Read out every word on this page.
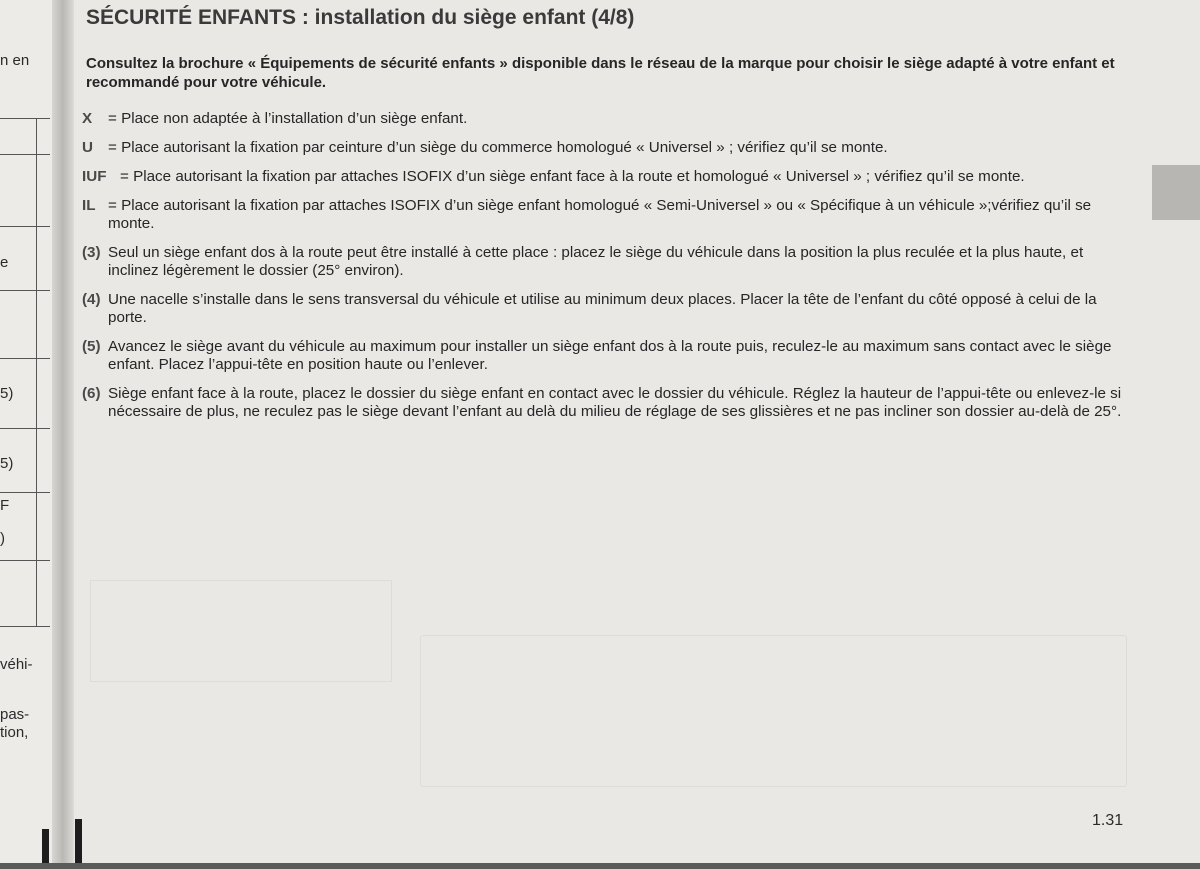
n en
e
5)
5)
F
)
véhi-
pas-
tion,
SÉCURITÉ ENFANTS : installation du siège enfant (4/8)

Consultez la brochure « Équipements de sécurité enfants » disponible dans le réseau de la marque pour choisir le siège adapté à votre enfant et recommandé pour votre véhicule.

X = Place non adaptée à l’installation d’un siège enfant.
U = Place autorisant la fixation par ceinture d’un siège du commerce homologué « Universel » ; vérifiez qu’il se monte.
IUF = Place autorisant la fixation par attaches ISOFIX d’un siège enfant face à la route et homologué « Universel » ; vérifiez qu’il se monte.
IL = Place autorisant la fixation par attaches ISOFIX d’un siège enfant homologué « Semi-Universel » ou « Spécifique à un véhicule »;vérifiez qu’il se monte.
(3) Seul un siège enfant dos à la route peut être installé à cette place : placez le siège du véhicule dans la position la plus reculée et la plus haute, et inclinez légèrement le dossier (25° environ).
(4) Une nacelle s’installe dans le sens transversal du véhicule et utilise au minimum deux places. Placer la tête de l’enfant du côté opposé à celui de la porte.
(5) Avancez le siège avant du véhicule au maximum pour installer un siège enfant dos à la route puis, reculez-le au maximum sans contact avec le siège enfant. Placez l’appui-tête en position haute ou l’enlever.
(6) Siège enfant face à la route, placez le dossier du siège enfant en contact avec le dossier du véhicule. Réglez la hauteur de l’appui-tête ou enlevez-le si nécessaire de plus, ne reculez pas le siège devant l’enfant au delà du milieu de réglage de ses glissières et ne pas incliner son dossier au-delà de 25°.

1.31
